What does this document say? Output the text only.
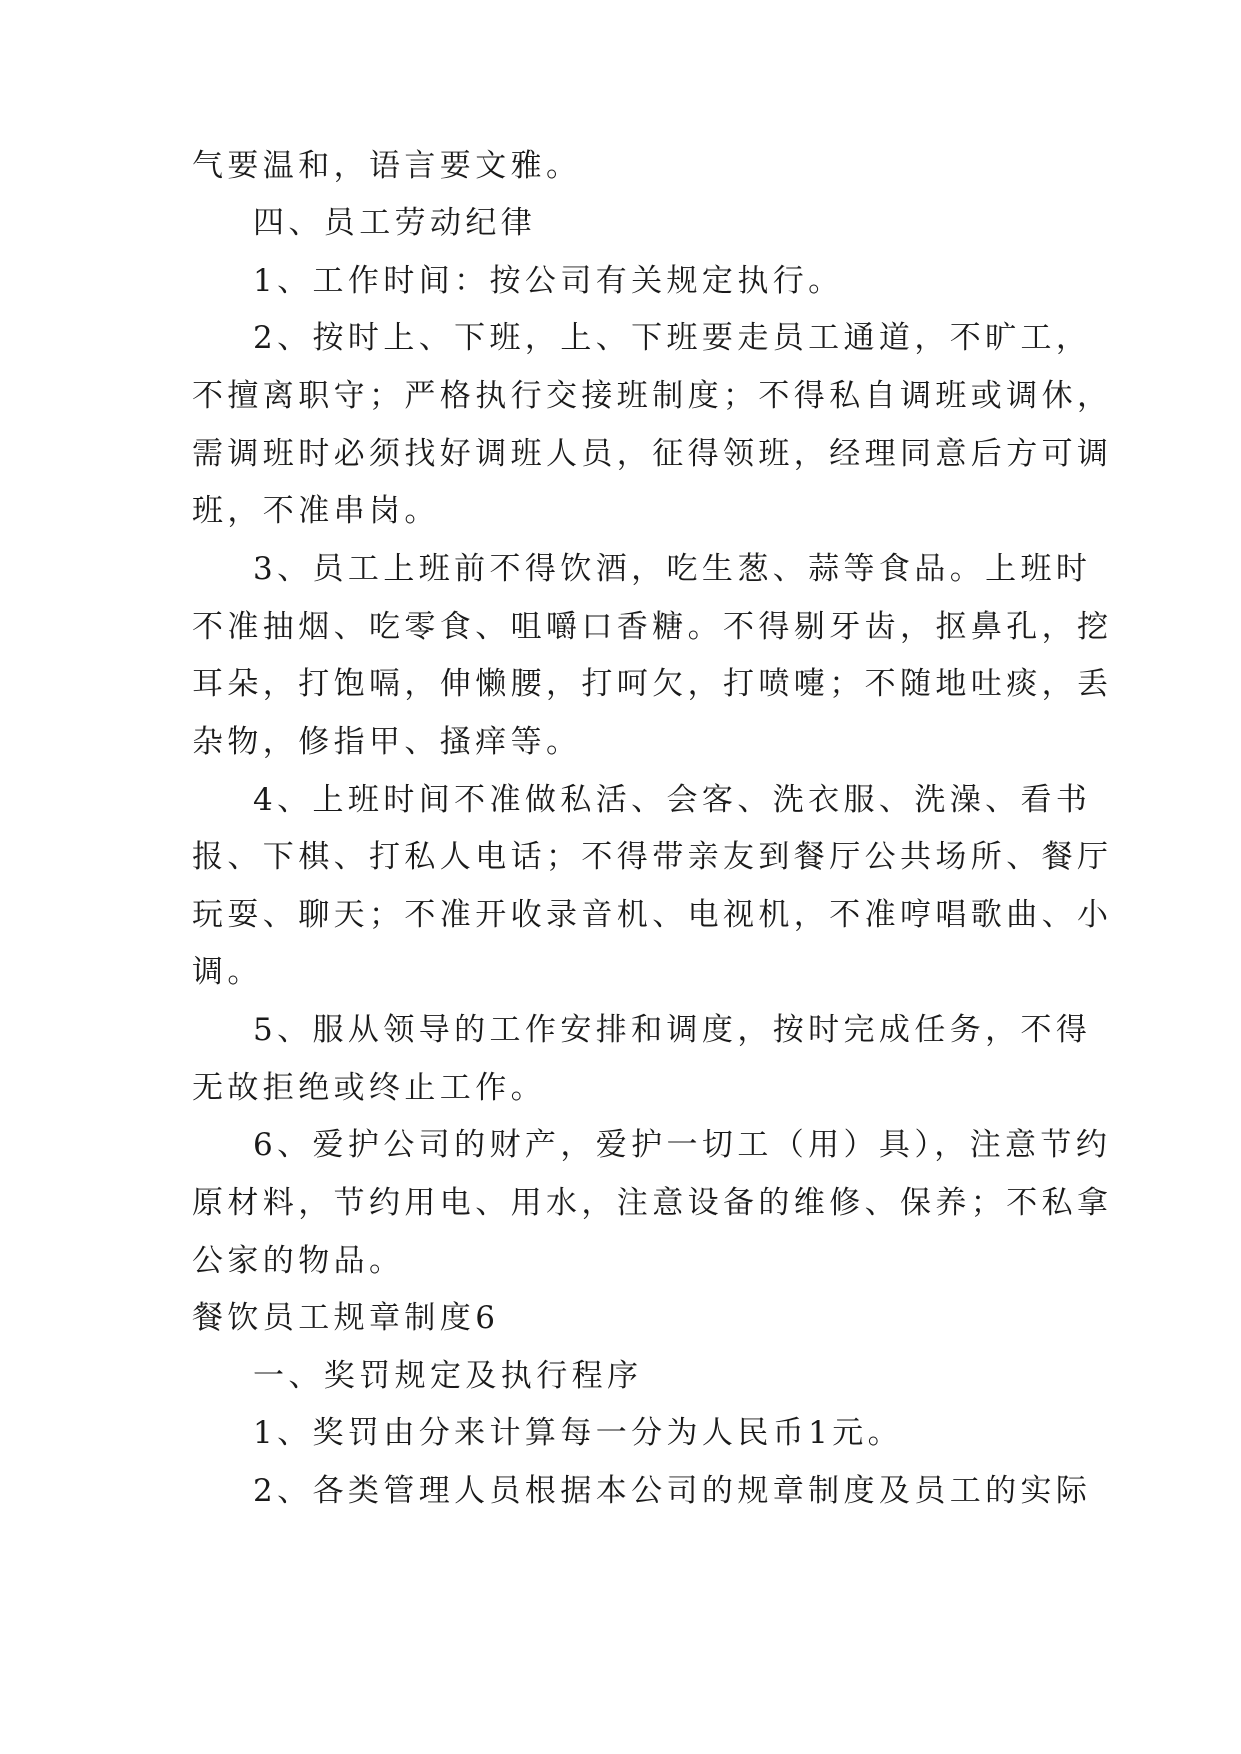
气要温和，语言要文雅。
四、员工劳动纪律
1、工作时间：按公司有关规定执行。
2、按时上、下班，上、下班要走员工通道，不旷工，
不擅离职守；严格执行交接班制度；不得私自调班或调休，
需调班时必须找好调班人员，征得领班，经理同意后方可调
班，不准串岗。
3、员工上班前不得饮酒，吃生葱、蒜等食品。上班时
不准抽烟、吃零食、咀嚼口香糖。不得剔牙齿，抠鼻孔，挖
耳朵，打饱嗝，伸懒腰，打呵欠，打喷嚏；不随地吐痰，丢
杂物，修指甲、搔痒等。
4、上班时间不准做私活、会客、洗衣服、洗澡、看书
报、下棋、打私人电话；不得带亲友到餐厅公共场所、餐厅
玩耍、聊天；不准开收录音机、电视机，不准哼唱歌曲、小
调。
5、服从领导的工作安排和调度，按时完成任务，不得
无故拒绝或终止工作。
6、爱护公司的财产，爱护一切工（用）具），注意节约
原材料，节约用电、用水，注意设备的维修、保养；不私拿
公家的物品。
餐饮员工规章制度6
一、奖罚规定及执行程序
1、奖罚由分来计算每一分为人民币1元。
2、各类管理人员根据本公司的规章制度及员工的实际
